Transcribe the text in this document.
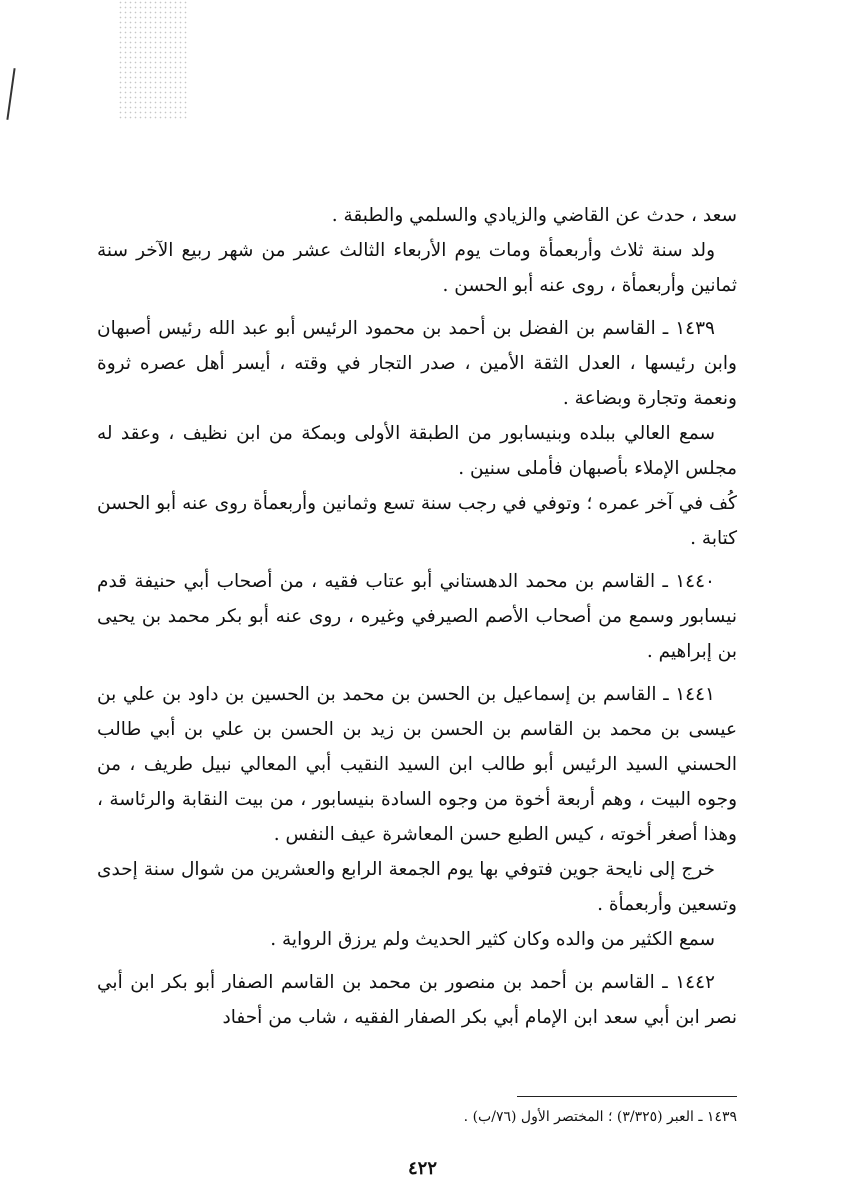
سعد ، حدث عن القاضي والزيادي والسلمي والطبقة .

ولد سنة ثلاث وأربعمأة ومات يوم الأربعاء الثالث عشر من شهر ربيع الآخر سنة ثمانين وأربعمأة ، روى عنه أبو الحسن .

١٤٣٩ ـ القاسم بن الفضل بن أحمد بن محمود الرئيس أبو عبد الله رئيس أصبهان وابن رئيسها ، العدل الثقة الأمين ، صدر التجار في وقته ، أيسر أهل عصره ثروة ونعمة وتجارة وبضاعة .

سمع العالي ببلده وبنيسابور من الطبقة الأولى وبمكة من ابن نظيف ، وعقد له مجلس الإملاء بأصبهان فأملى سنين .

كُف في آخر عمره ؛ وتوفي في رجب سنة تسع وثمانين وأربعمأة روى عنه أبو الحسن كتابة .

١٤٤٠ ـ القاسم بن محمد الدهستاني أبو عتاب فقيه ، من أصحاب أبي حنيفة قدم نيسابور وسمع من أصحاب الأصم الصيرفي وغيره ، روى عنه أبو بكر محمد بن يحيى بن إبراهيم .

١٤٤١ ـ القاسم بن إسماعيل بن الحسن بن محمد بن الحسين بن داود بن علي بن عيسى بن محمد بن القاسم بن الحسن بن زيد بن الحسن بن علي بن أبي طالب الحسني السيد الرئيس أبو طالب ابن السيد النقيب أبي المعالي نبيل طريف ، من وجوه البيت ، وهم أربعة أخوة من وجوه السادة بنيسابور ، من بيت النقابة والرئاسة ، وهذا أصغر أخوته ، كيس الطبع حسن المعاشرة عيف النفس .

خرج إلى نايحة جوين فتوفي بها يوم الجمعة الرابع والعشرين من شوال سنة إحدى وتسعين وأربعمأة .

سمع الكثير من والده وكان كثير الحديث ولم يرزق الرواية .

١٤٤٢ ـ القاسم بن أحمد بن منصور بن محمد بن القاسم الصفار أبو بكر ابن أبي نصر ابن أبي سعد ابن الإمام أبي بكر الصفار الفقيه ، شاب من أحفاد

١٤٣٩ ـ العبر (٣/٣٢٥) ؛ المختصر الأول (٧٦/ب) .
٤٢٢
